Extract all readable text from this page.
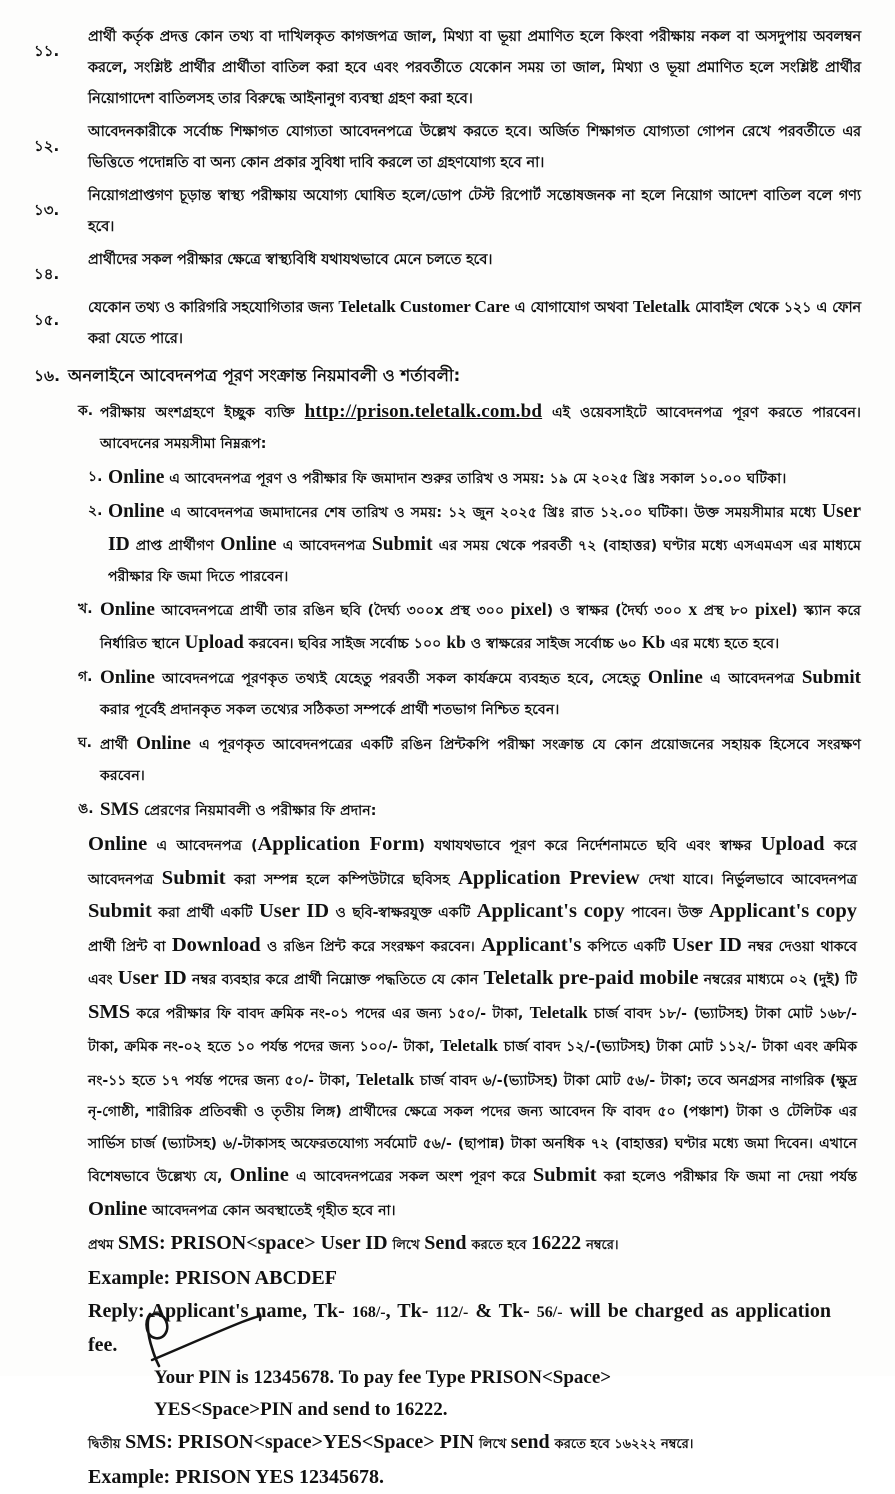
১১.
প্রার্থী কর্তৃক প্রদত্ত কোন তথ্য বা দাখিলকৃত কাগজপত্র জাল, মিথ্যা বা ভূয়া প্রমাণিত হলে কিংবা পরীক্ষায় নকল বা অসদুপায় অবলম্বন করলে, সংশ্লিষ্ট প্রার্থীর প্রার্থীতা বাতিল করা হবে এবং পরবর্তীতে যেকোন সময় তা জাল, মিথ্যা ও ভূয়া প্রমাণিত হলে সংশ্লিষ্ট প্রার্থীর নিয়োগাদেশ বাতিলসহ তার বিরুদ্ধে আইনানুগ ব্যবস্থা গ্রহণ করা হবে।
১২.
আবেদনকারীকে সর্বোচ্চ শিক্ষাগত যোগ্যতা আবেদনপত্রে উল্লেখ করতে হবে। অর্জিত শিক্ষাগত যোগ্যতা গোপন রেখে পরবর্তীতে এর ভিত্তিতে পদোন্নতি বা অন্য কোন প্রকার সুবিধা দাবি করলে তা গ্রহণযোগ্য হবে না।
১৩.
নিয়োগপ্রাপ্তগণ চূড়ান্ত স্বাস্থ্য পরীক্ষায় অযোগ্য ঘোষিত হলে/ডোপ টেস্ট রিপোর্ট সন্তোষজনক না হলে নিয়োগ আদেশ বাতিল বলে গণ্য হবে।
১৪.
প্রার্থীদের সকল পরীক্ষার ক্ষেত্রে স্বাস্থ্যবিধি যথাযথভাবে মেনে চলতে হবে।
১৫.
যেকোন তথ্য ও কারিগরি সহযোগিতার জন্য Teletalk Customer Care এ যোগাযোগ অথবা Teletalk মোবাইল থেকে ১২১ এ ফোন করা যেতে পারে।
১৬. অনলাইনে আবেদনপত্র পূরণ সংক্রান্ত নিয়মাবলী ও শর্তাবলী:
ক. পরীক্ষায় অংশগ্রহণে ইচ্ছুক ব্যক্তি http://prison.teletalk.com.bd এই ওয়েবসাইটে আবেদনপত্র পূরণ করতে পারবেন। আবেদনের সময়সীমা নিম্নরূপ:
১. Online এ আবেদনপত্র পূরণ ও পরীক্ষার ফি জমাদান শুরুর তারিখ ও সময়: ১৯ মে ২০২৫ খ্রিঃ সকাল ১০.০০ ঘটিকা।
২. Online এ আবেদনপত্র জমাদানের শেষ তারিখ ও সময়: ১২ জুন ২০২৫ খ্রিঃ রাত ১২.০০ ঘটিকা। উক্ত সময়সীমার মধ্যে User ID প্রাপ্ত প্রার্থীগণ Online এ আবেদনপত্র Submit এর সময় থেকে পরবর্তী ৭২ (বাহাত্তর) ঘণ্টার মধ্যে এসএমএস এর মাধ্যমে পরীক্ষার ফি জমা দিতে পারবেন।
খ. Online আবেদনপত্রে প্রার্থী তার রঙিন ছবি (দৈর্ঘ্য ৩০০x প্রস্থ ৩০০ pixel) ও স্বাক্ষর (দৈর্ঘ্য ৩০০ x প্রস্থ ৮০ pixel) স্ক্যান করে নির্ধারিত স্থানে Upload করবেন। ছবির সাইজ সর্বোচ্চ ১০০ kb ও স্বাক্ষরের সাইজ সর্বোচ্চ ৬০ Kb এর মধ্যে হতে হবে।
গ. Online আবেদনপত্রে পূরণকৃত তথ্যই যেহেতু পরবর্তী সকল কার্যক্রমে ব্যবহৃত হবে, সেহেতু Online এ আবেদনপত্র Submit করার পূর্বেই প্রদানকৃত সকল তথ্যের সঠিকতা সম্পর্কে প্রার্থী শতভাগ নিশ্চিত হবেন।
ঘ. প্রার্থী Online এ পূরণকৃত আবেদনপত্রের একটি রঙিন প্রিন্টকপি পরীক্ষা সংক্রান্ত যে কোন প্রয়োজনের সহায়ক হিসেবে সংরক্ষণ করবেন।
ঙ. SMS প্রেরণের নিয়মাবলী ও পরীক্ষার ফি প্রদান:
Online এ আবেদনপত্র (Application Form) যথাযথভাবে পূরণ করে নির্দেশনামতে ছবি এবং স্বাক্ষর Upload করে আবেদনপত্র Submit করা সম্পন্ন হলে কম্পিউটারে ছবিসহ Application Preview দেখা যাবে। নির্ভুলভাবে আবেদনপত্র Submit করা প্রার্থী একটি User ID ও ছবি-স্বাক্ষরযুক্ত একটি Applicant's copy পাবেন। উক্ত Applicant's copy প্রার্থী প্রিন্ট বা Download ও রঙিন প্রিন্ট করে সংরক্ষণ করবেন। Applicant's কপিতে একটি User ID নম্বর দেওয়া থাকবে এবং User ID নম্বর ব্যবহার করে প্রার্থী নিম্নোক্ত পদ্ধতিতে যে কোন Teletalk pre-paid mobile নম্বরের মাধ্যমে ০২ (দুই) টি SMS করে পরীক্ষার ফি বাবদ ক্রমিক নং-০১ পদের এর জন্য ১৫০/- টাকা, Teletalk চার্জ বাবদ ১৮/- (ভ্যাটসহ) টাকা মোট ১৬৮/- টাকা, ক্রমিক নং-০২ হতে ১০ পর্যন্ত পদের জন্য ১০০/- টাকা, Teletalk চার্জ বাবদ ১২/-(ভ্যাটসহ) টাকা মোট ১১২/- টাকা এবং ক্রমিক নং-১১ হতে ১৭ পর্যন্ত পদের জন্য ৫০/- টাকা, Teletalk চার্জ বাবদ ৬/-(ভ্যাটসহ) টাকা মোট ৫৬/- টাকা; তবে অনগ্রসর নাগরিক (ক্ষুদ্র নৃ-গোষ্ঠী, শারীরিক প্রতিবন্ধী ও তৃতীয় লিঙ্গ) প্রার্থীদের ক্ষেত্রে সকল পদের জন্য আবেদন ফি বাবদ ৫০ (পঞ্চাশ) টাকা ও টেলিটক এর সার্ভিস চার্জ (ভ্যাটসহ) ৬/-টাকাসহ অফেরতযোগ্য সর্বমোট ৫৬/- (ছাপান্ন) টাকা অনধিক ৭২ (বাহাত্তর) ঘণ্টার মধ্যে জমা দিবেন। এখানে বিশেষভাবে উল্লেখ্য যে, Online এ আবেদনপত্রের সকল অংশ পূরণ করে Submit করা হলেও পরীক্ষার ফি জমা না দেয়া পর্যন্ত Online আবেদনপত্র কোন অবস্থাতেই গৃহীত হবে না।
প্রথম SMS: PRISON<space> User ID লিখে Send করতে হবে 16222 নম্বরে।
Example: PRISON ABCDEF
Reply: Applicant's name, Tk- 168/-, Tk- 112/- & Tk- 56/- will be charged as application fee.
Your PIN is 12345678. To pay fee Type PRISON<Space>
YES<Space>PIN and send to 16222.
দ্বিতীয় SMS: PRISON<space>YES<Space> PIN লিখে send করতে হবে ১৬২২২ নম্বরে।
Example: PRISON YES 12345678.
